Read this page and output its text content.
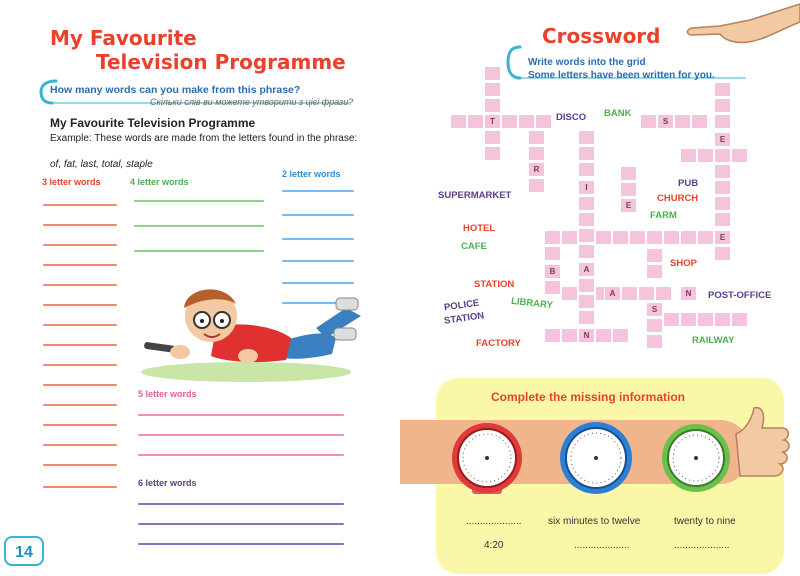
My Favourite
Television Programme
How many words can you make from this phrase?
Скільки слів ви можете утворити з цієї фрази?
My Favourite Television Programme
Example: These words are made from the letters found in the phrase:
of, fat, last, total, staple
3 letter words	4 letter words
2 letter words
5 letter words
6 letter words
14
Crossword
Write words into the grid
Some letters have been written for you.
T
R
I
A
N
E
S
E
E
B
A	N
S
DISCO BANK
PUB
SUPERMARKET	CHURCH
FARM
HOTEL
CAFE
SHOP
STATION
POST-OFFICE
LIBRARY
POLICE
STATION
FACTORY	RAILWAY
Complete the missing information
....................	six minutes to twelve	twenty to nine
4:20	....................	....................
